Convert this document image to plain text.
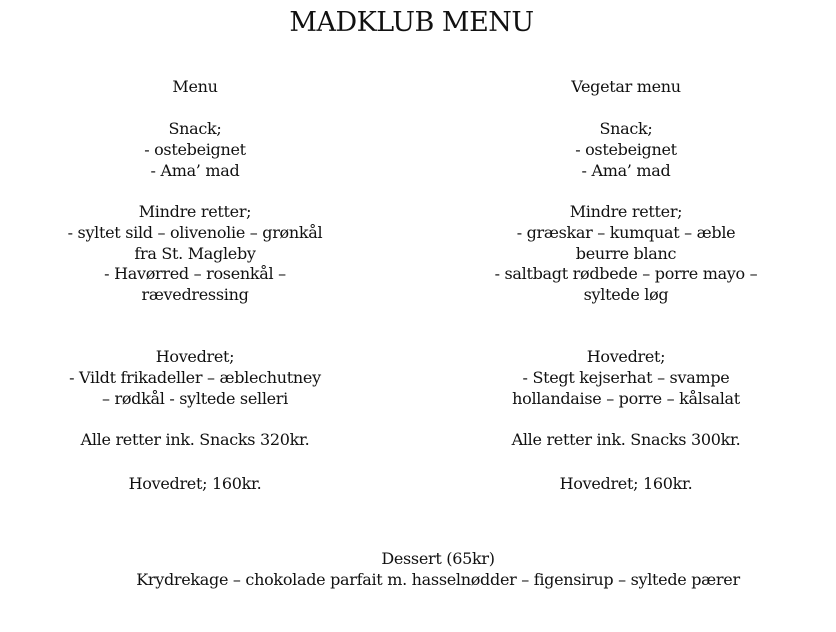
MADKLUB MENU
Menu
Snack;
- ostebeignet
- Ama’ mad
Mindre retter;
- syltet sild – olivenolie – grønkål
fra St. Magleby
- Havørred – rosenkål –
rævedressing
Hovedret;
- Vildt frikadeller – æblechutney
– rødkål - syltede selleri
Alle retter ink. Snacks 320kr.
Hovedret; 160kr.
Vegetar menu
Snack;
- ostebeignet
- Ama’ mad
Mindre retter;
- græskar – kumquat – æble
beurre blanc
- saltbagt rødbede – porre mayo –
syltede løg
Hovedret;
- Stegt kejserhat – svampe
hollandaise – porre – kålsalat
Alle retter ink. Snacks 300kr.
Hovedret; 160kr.
Dessert (65kr)
Krydrekage – chokolade parfait m. hasselnødder – figensirup – syltede pærer
